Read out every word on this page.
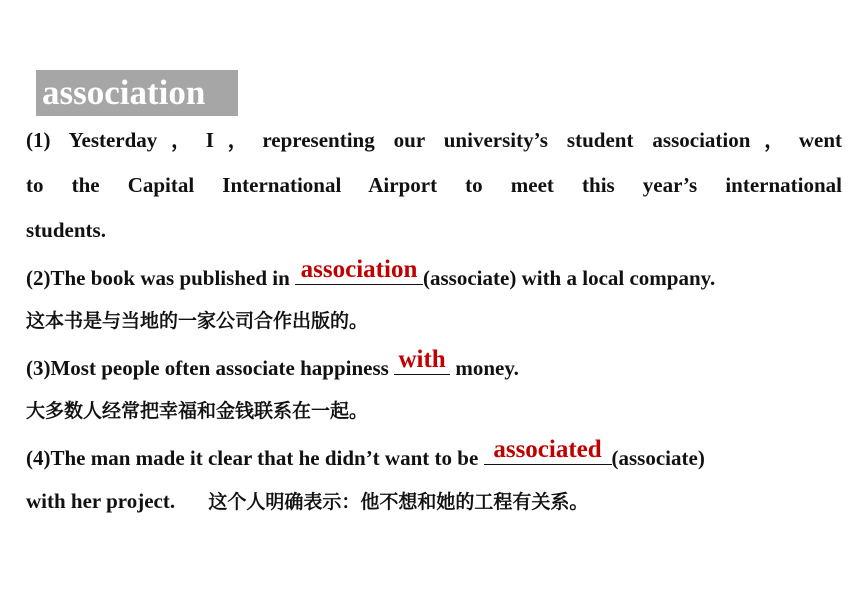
association
(1) Yesterday，I，representing our university’s student association，went
to the Capital International Airport to meet this year’s international
students.
(2)The book was published in association (associate) with a local company.
这本书是与当地的一家公司合作出版的。
(3)Most people often associate happiness with money.
大多数人经常把幸福和金钱联系在一起。
(4)The man made it clear that he didn’t want to be associated (associate)
with her project. 这个人明确表示：他不想和她的工程有关系。
